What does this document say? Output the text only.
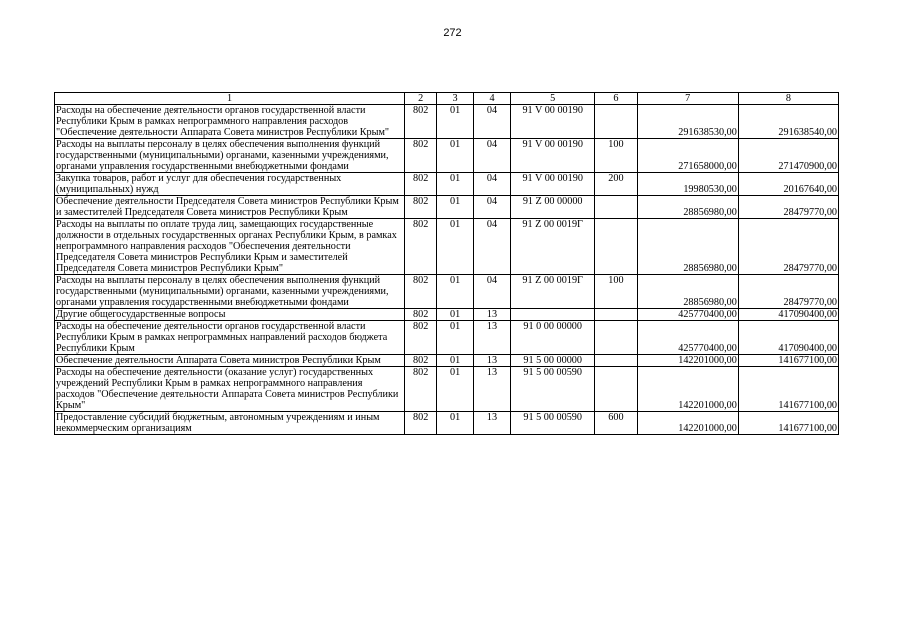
272
1	2	3	4	5	6	7	8
Расходы на обеспечение деятельности органов государственной власти Республики Крым в рамках непрограммного направления расходов "Обеспечение деятельности Аппарата Совета министров Республики Крым"	802	01	04	91 V 00 00190		291638530,00	291638540,00
Расходы на выплаты персоналу в целях обеспечения выполнения функций государственными (муниципальными) органами, казенными учреждениями, органами управления государственными внебюджетными фондами	802	01	04	91 V 00 00190	100	271658000,00	271470900,00
Закупка товаров, работ и услуг для обеспечения государственных (муниципальных) нужд	802	01	04	91 V 00 00190	200	19980530,00	20167640,00
Обеспечение деятельности Председателя Совета министров Республики Крым и заместителей Председателя Совета министров Республики Крым	802	01	04	91 Z 00 00000		28856980,00	28479770,00
Расходы на выплаты по оплате труда лиц, замещающих государственные должности в отдельных государственных органах Республики Крым, в рамках непрограммного направления расходов "Обеспечения деятельности Председателя Совета министров Республики Крым и заместителей Председателя Совета министров Республики Крым"	802	01	04	91 Z 00 0019Г		28856980,00	28479770,00
Расходы на выплаты персоналу в целях обеспечения выполнения функций государственными (муниципальными) органами, казенными учреждениями, органами управления государственными внебюджетными фондами	802	01	04	91 Z 00 0019Г	100	28856980,00	28479770,00
Другие общегосударственные вопросы	802	01	13			425770400,00	417090400,00
Расходы на обеспечение деятельности органов государственной власти Республики Крым в рамках непрограммных направлений расходов бюджета Республики Крым	802	01	13	91 0 00 00000		425770400,00	417090400,00
Обеспечение деятельности Аппарата Совета министров Республики Крым	802	01	13	91 5 00 00000		142201000,00	141677100,00
Расходы на обеспечение деятельности (оказание услуг) государственных учреждений Республики Крым в рамках непрограммного направления расходов "Обеспечение деятельности Аппарата Совета министров Республики Крым"	802	01	13	91 5 00 00590		142201000,00	141677100,00
Предоставление субсидий бюджетным, автономным учреждениям и иным некоммерческим организациям	802	01	13	91 5 00 00590	600	142201000,00	141677100,00
